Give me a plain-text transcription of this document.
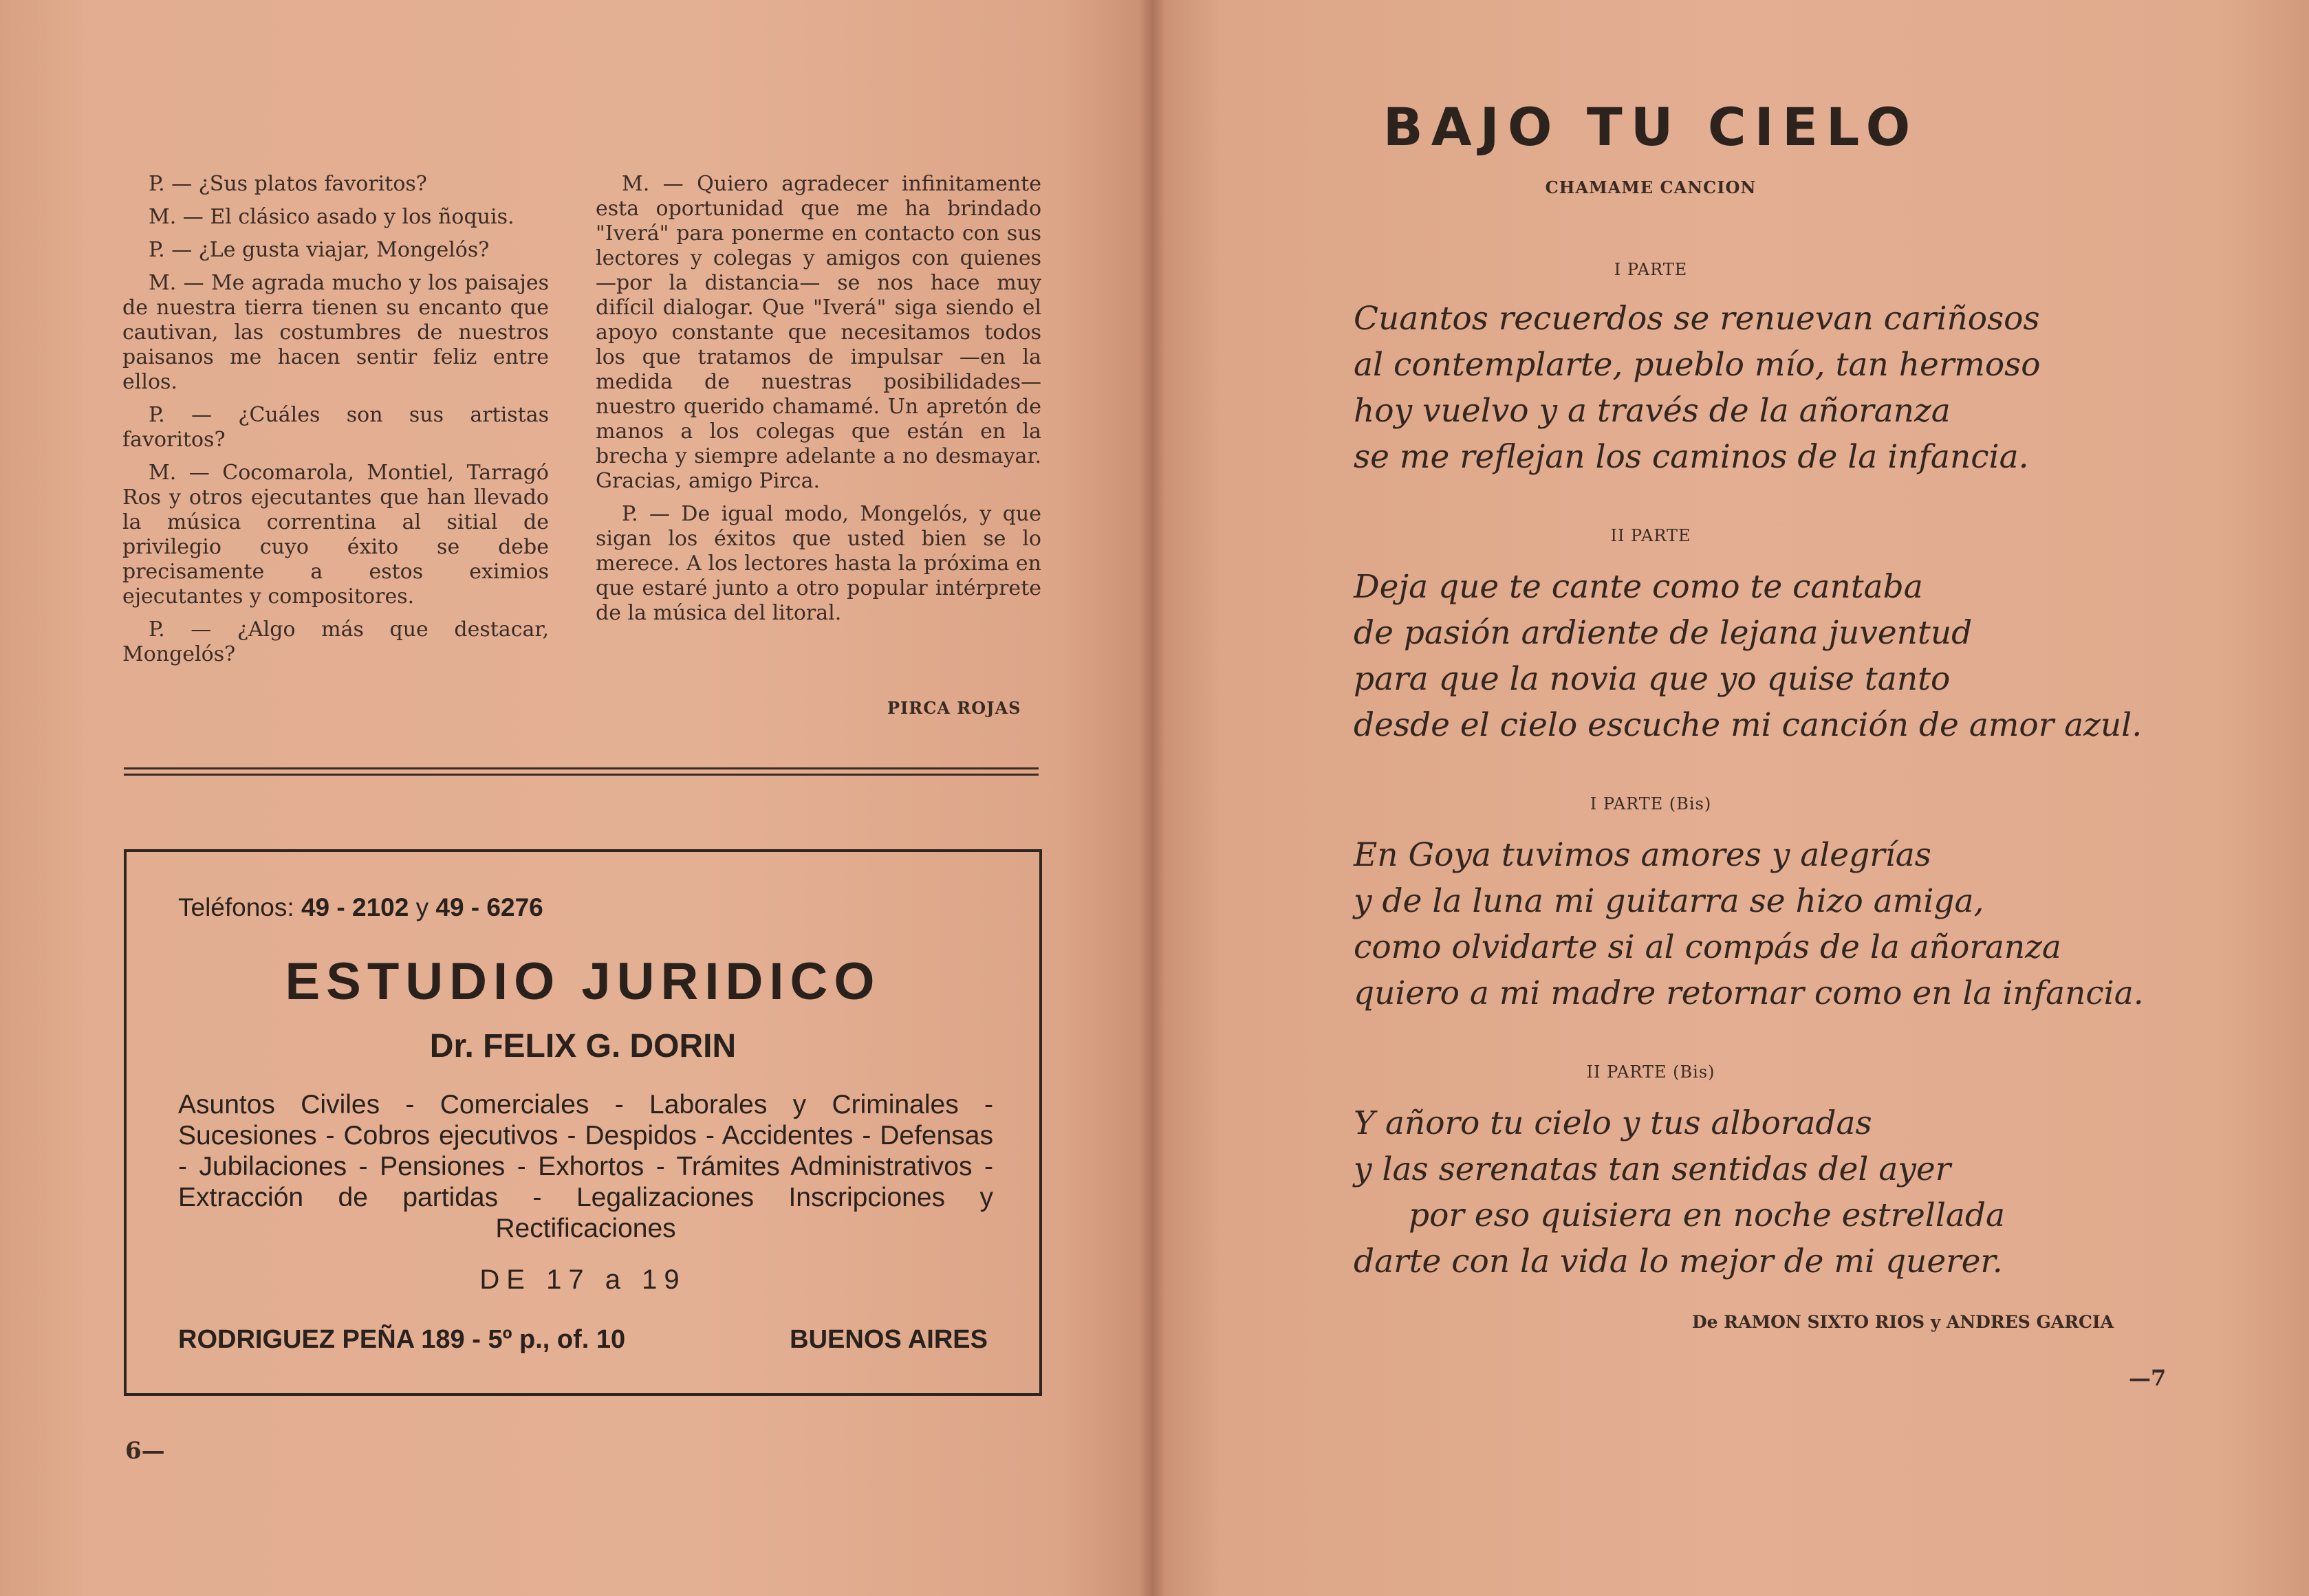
P. — ¿Sus platos favoritos?

M. — El clásico asado y los ñoquis.

P. — ¿Le gusta viajar, Mongelós?

M. — Me agrada mucho y los paisajes de nuestra tierra tienen su encanto que cautivan, las costumbres de nuestros paisanos me hacen sentir feliz entre ellos.

P. — ¿Cuáles son sus artistas favoritos?

M. — Cocomarola, Montiel, Tarragó Ros y otros ejecutantes que han llevado la música correntina al sitial de privilegio cuyo éxito se debe precisamente a estos eximios ejecutantes y compositores.

P. — ¿Algo más que destacar, Mongelós?

M. — Quiero agradecer infinitamente esta oportunidad que me ha brindado "Iverá" para ponerme en contacto con sus lectores y colegas y amigos con quienes —por la distancia— se nos hace muy difícil dialogar. Que "Iverá" siga siendo el apoyo constante que necesitamos todos los que tratamos de impulsar —en la medida de nuestras posibilidades— nuestro querido chamamé. Un apretón de manos a los colegas que están en la brecha y siempre adelante a no desmayar. Gracias, amigo Pirca.

P. — De igual modo, Mongelós, y que sigan los éxitos que usted bien se lo merece. A los lectores hasta la próxima en que estaré junto a otro popular intérprete de la música del litoral.

PIRCA ROJAS
Teléfonos: 49 - 2102 y 49 - 6276
ESTUDIO JURIDICO
Dr. FELIX G. DORIN
Asuntos Civiles - Comerciales - Laborales y Criminales - Sucesiones - Cobros ejecutivos - Despidos - Accidentes - Defensas - Jubilaciones - Pensiones - Exhortos - Trámites Administrativos - Extracción de partidas - Legalizaciones Inscripciones y Rectificaciones
DE 17 a 19
RODRIGUEZ PEÑA 189 - 5º p., of. 10	BUENOS AIRES
6—
BAJO TU CIELO
CHAMAME CANCION
I PARTE
Cuantos recuerdos se renuevan cariñosos
al contemplarte, pueblo mío, tan hermoso
hoy vuelvo y a través de la añoranza
se me reflejan los caminos de la infancia.
II PARTE
Deja que te cante como te cantaba
de pasión ardiente de lejana juventud
para que la novia que yo quise tanto
desde el cielo escuche mi canción de amor azul.
I PARTE (Bis)
En Goya tuvimos amores y alegrías
y de la luna mi guitarra se hizo amiga,
como olvidarte si al compás de la añoranza
quiero a mi madre retornar como en la infancia.
II PARTE (Bis)
Y añoro tu cielo y tus alboradas
y las serenatas tan sentidas del ayer
por eso quisiera en noche estrellada
darte con la vida lo mejor de mi querer.
De RAMON SIXTO RIOS y ANDRES GARCIA
—7
